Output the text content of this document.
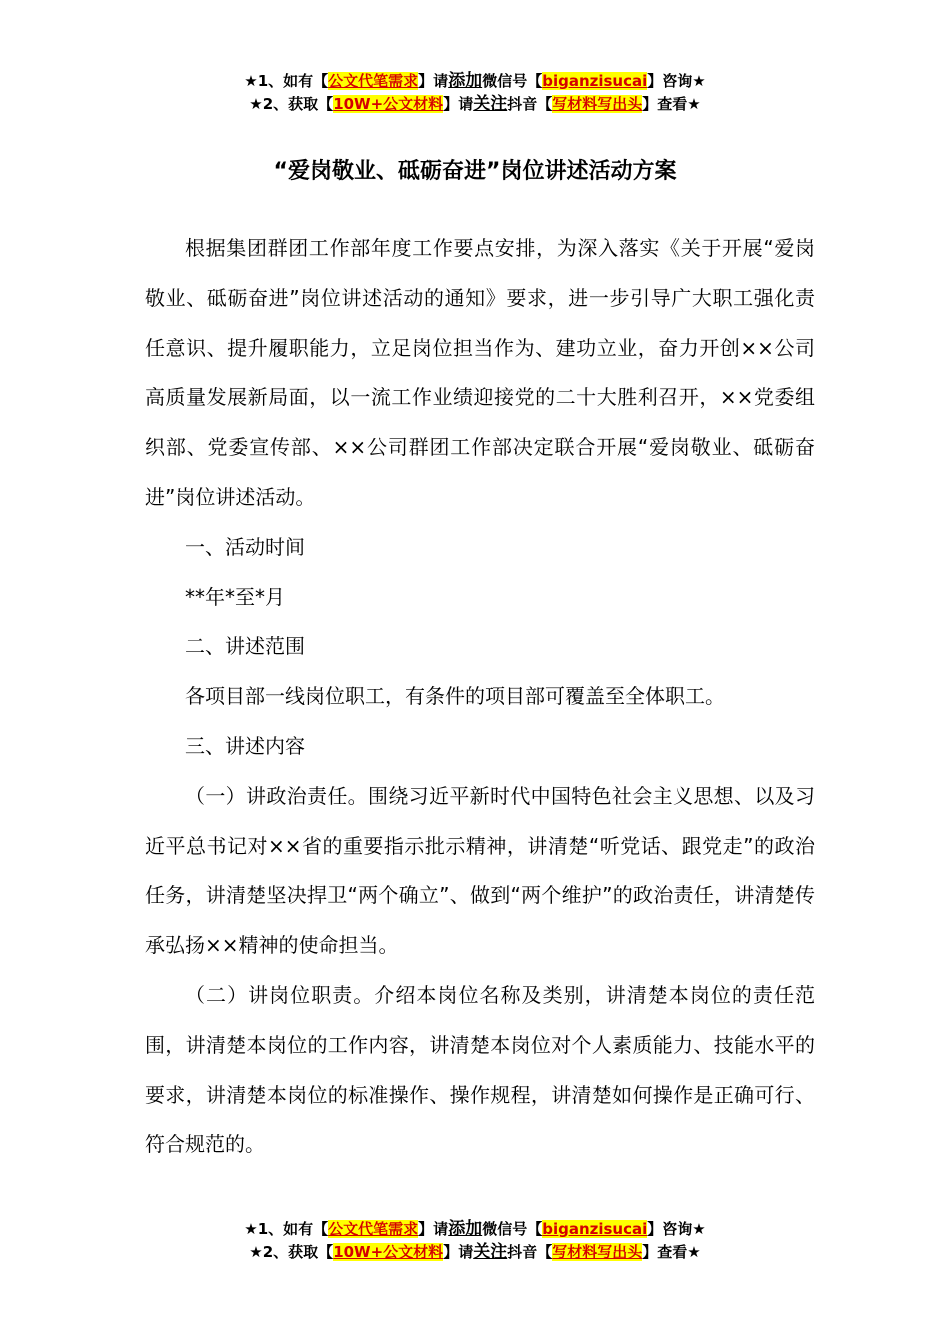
★1、如有【公文代笔需求】请添加微信号【biganzisucai】咨询★
★2、获取【10W+公文材料】请关注抖音【写材料写出头】查看★
“爱岗敬业、砥砺奋进”岗位讲述活动方案

根据集团群团工作部年度工作要点安排，为深入落实《关于开展“爱岗敬业、砥砺奋进”岗位讲述活动的通知》要求，进一步引导广大职工强化责任意识、提升履职能力，立足岗位担当作为、建功立业，奋力开创××公司高质量发展新局面，以一流工作业绩迎接党的二十大胜利召开，××党委组织部、党委宣传部、××公司群团工作部决定联合开展“爱岗敬业、砥砺奋进”岗位讲述活动。

一、活动时间

**年*至*月

二、讲述范围

各项目部一线岗位职工，有条件的项目部可覆盖至全体职工。

三、讲述内容

（一）讲政治责任。围绕习近平新时代中国特色社会主义思想、以及习近平总书记对××省的重要指示批示精神，讲清楚“听党话、跟党走”的政治任务，讲清楚坚决捍卫“两个确立”、做到“两个维护”的政治责任，讲清楚传承弘扬××精神的使命担当。

（二）讲岗位职责。介绍本岗位名称及类别，讲清楚本岗位的责任范围，讲清楚本岗位的工作内容，讲清楚本岗位对个人素质能力、技能水平的要求，讲清楚本岗位的标准操作、操作规程，讲清楚如何操作是正确可行、符合规范的。

★1、如有【公文代笔需求】请添加微信号【biganzisucai】咨询★
★2、获取【10W+公文材料】请关注抖音【写材料写出头】查看★
